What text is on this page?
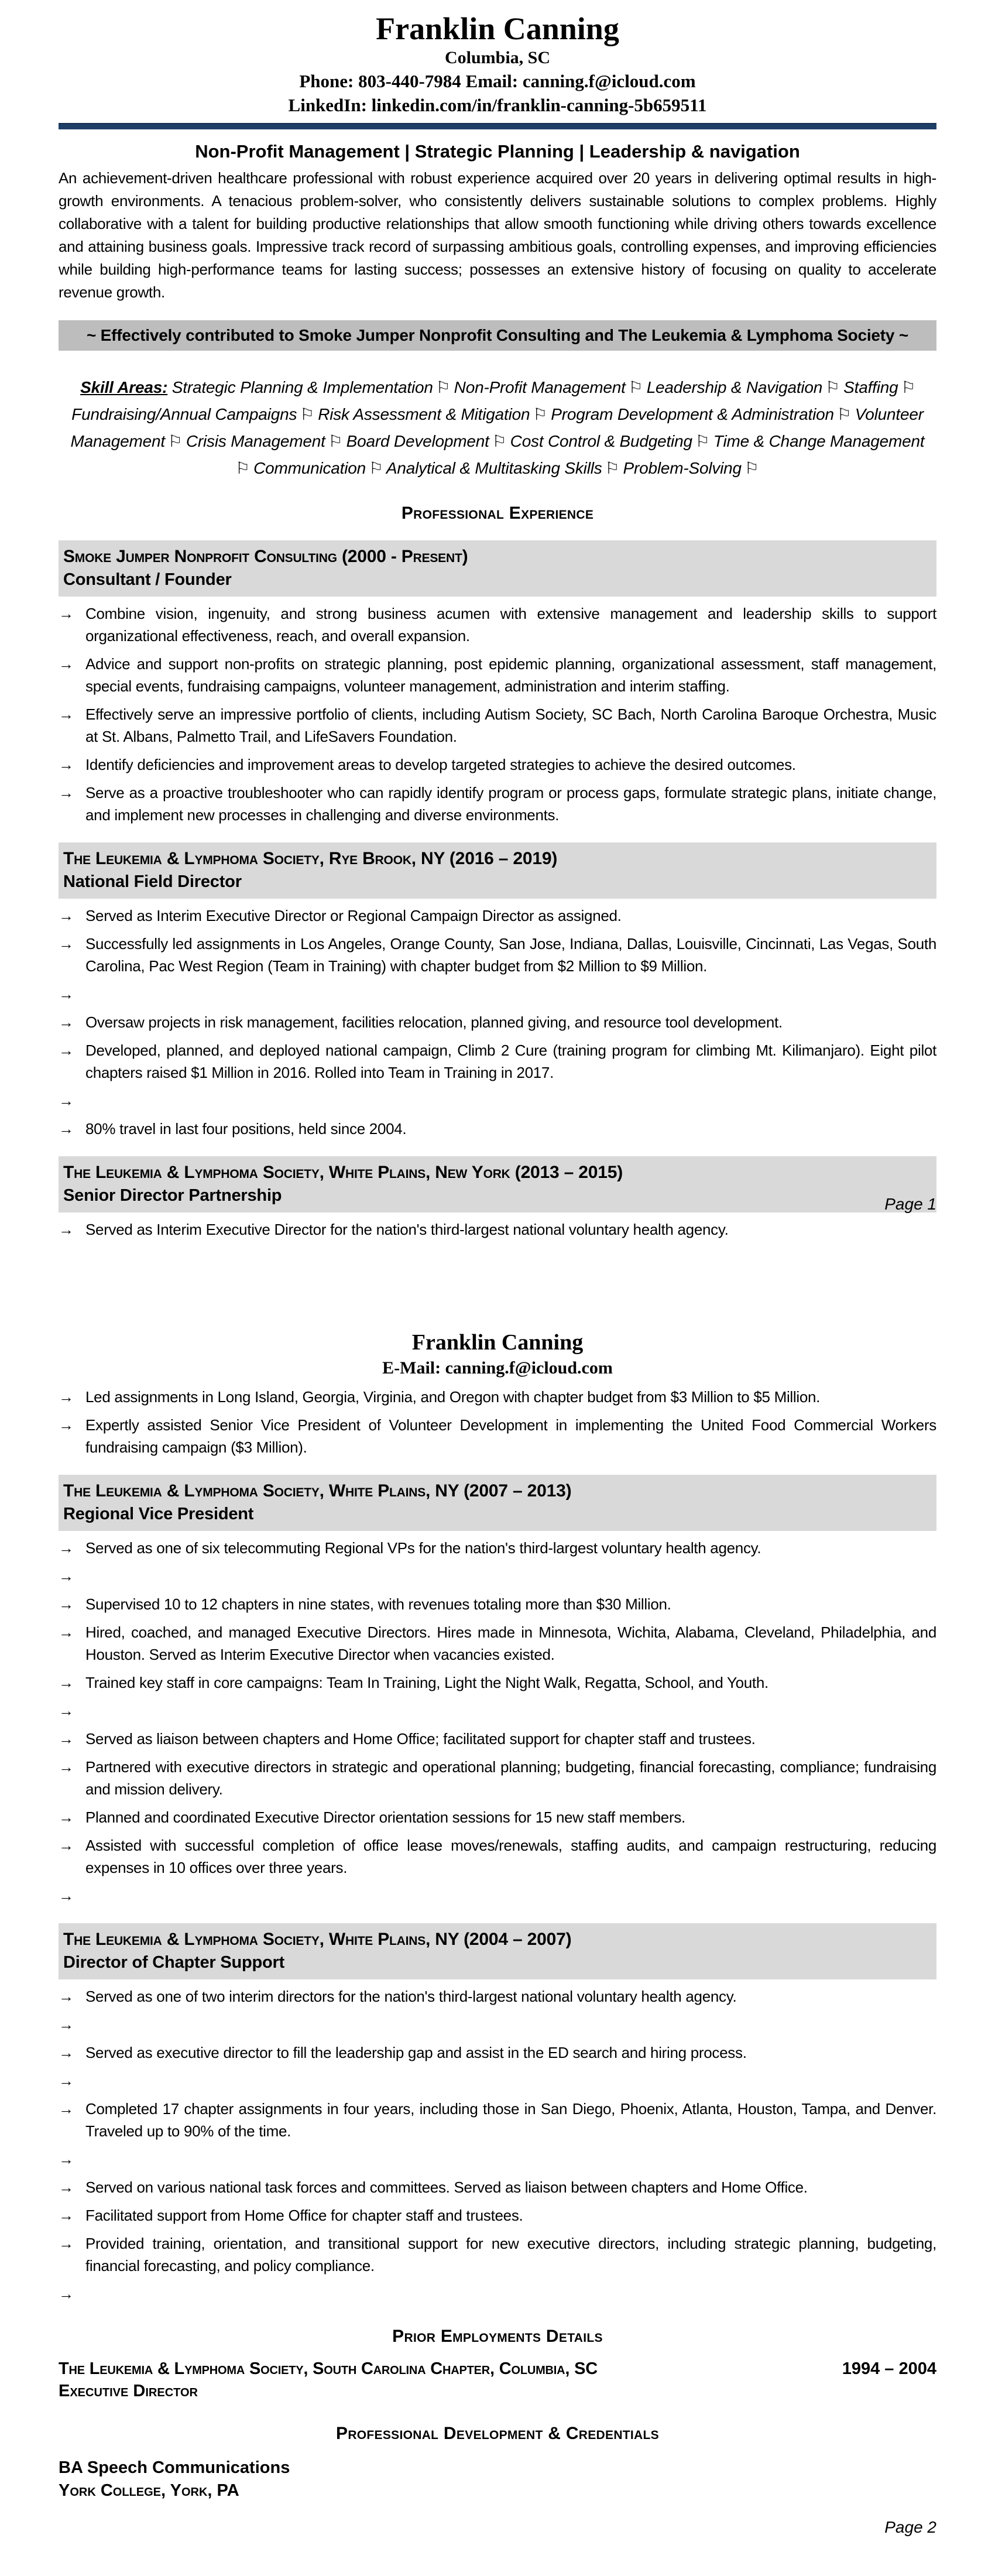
Franklin Canning
Columbia, SC
Phone: 803-440-7984 Email: canning.f@icloud.com
LinkedIn: linkedin.com/in/franklin-canning-5b659511
Non-Profit Management | Strategic Planning | Leadership & navigation

An achievement-driven healthcare professional with robust experience acquired over 20 years in delivering optimal results in high-growth environments. A tenacious problem-solver, who consistently delivers sustainable solutions to complex problems. Highly collaborative with a talent for building productive relationships that allow smooth functioning while driving others towards excellence and attaining business goals. Impressive track record of surpassing ambitious goals, controlling expenses, and improving efficiencies while building high-performance teams for lasting success; possesses an extensive history of focusing on quality to accelerate revenue growth.

~ Effectively contributed to Smoke Jumper Nonprofit Consulting and The Leukemia & Lymphoma Society ~

Skill Areas: Strategic Planning & Implementation ⚐ Non-Profit Management ⚐ Leadership & Navigation ⚐ Staffing ⚐ Fundraising/Annual Campaigns ⚐ Risk Assessment & Mitigation ⚐ Program Development & Administration ⚐ Volunteer Management ⚐ Crisis Management ⚐ Board Development ⚐ Cost Control & Budgeting ⚐ Time & Change Management ⚐ Communication ⚐ Analytical & Multitasking Skills ⚐ Problem-Solving ⚐

Professional Experience
Smoke Jumper Nonprofit Consulting (2000 - Present)
Consultant / Founder
→ Combine vision, ingenuity, and strong business acumen with extensive management and leadership skills to support organizational effectiveness, reach, and overall expansion.
→ Advice and support non-profits on strategic planning, post epidemic planning, organizational assessment, staff management, special events, fundraising campaigns, volunteer management, administration and interim staffing.
→ Effectively serve an impressive portfolio of clients, including Autism Society, SC Bach, North Carolina Baroque Orchestra, Music at St. Albans, Palmetto Trail, and LifeSavers Foundation.
→ Identify deficiencies and improvement areas to develop targeted strategies to achieve the desired outcomes.
→ Serve as a proactive troubleshooter who can rapidly identify program or process gaps, formulate strategic plans, initiate change, and implement new processes in challenging and diverse environments.
The Leukemia & Lymphoma Society, Rye Brook, NY (2016 – 2019)
National Field Director
→ Served as Interim Executive Director or Regional Campaign Director as assigned.
→ Successfully led assignments in Los Angeles, Orange County, San Jose, Indiana, Dallas, Louisville, Cincinnati, Las Vegas, South Carolina, Pac West Region (Team in Training) with chapter budget from $2 Million to $9 Million.
→
→ Oversaw projects in risk management, facilities relocation, planned giving, and resource tool development.
→ Developed, planned, and deployed national campaign, Climb 2 Cure (training program for climbing Mt. Kilimanjaro). Eight pilot chapters raised $1 Million in 2016. Rolled into Team in Training in 2017.
→
→ 80% travel in last four positions, held since 2004.
The Leukemia & Lymphoma Society, White Plains, New York (2013 – 2015)
Senior Director Partnership
→ Served as Interim Executive Director for the nation's third-largest national voluntary health agency.
Page 1
Franklin Canning
E-Mail: canning.f@icloud.com
→ Led assignments in Long Island, Georgia, Virginia, and Oregon with chapter budget from $3 Million to $5 Million.
→ Expertly assisted Senior Vice President of Volunteer Development in implementing the United Food Commercial Workers fundraising campaign ($3 Million).
The Leukemia & Lymphoma Society, White Plains, NY (2007 – 2013)
Regional Vice President
→ Served as one of six telecommuting Regional VPs for the nation's third-largest voluntary health agency.
→
→ Supervised 10 to 12 chapters in nine states, with revenues totaling more than $30 Million.
→ Hired, coached, and managed Executive Directors. Hires made in Minnesota, Wichita, Alabama, Cleveland, Philadelphia, and Houston. Served as Interim Executive Director when vacancies existed.
→ Trained key staff in core campaigns: Team In Training, Light the Night Walk, Regatta, School, and Youth.
→
→ Served as liaison between chapters and Home Office; facilitated support for chapter staff and trustees.
→ Partnered with executive directors in strategic and operational planning; budgeting, financial forecasting, compliance; fundraising and mission delivery.
→ Planned and coordinated Executive Director orientation sessions for 15 new staff members.
→ Assisted with successful completion of office lease moves/renewals, staffing audits, and campaign restructuring, reducing expenses in 10 offices over three years.
→
The Leukemia & Lymphoma Society, White Plains, NY (2004 – 2007)
Director of Chapter Support
→ Served as one of two interim directors for the nation's third-largest national voluntary health agency.
→
→ Served as executive director to fill the leadership gap and assist in the ED search and hiring process.
→
→ Completed 17 chapter assignments in four years, including those in San Diego, Phoenix, Atlanta, Houston, Tampa, and Denver. Traveled up to 90% of the time.
→
→ Served on various national task forces and committees. Served as liaison between chapters and Home Office.
→ Facilitated support from Home Office for chapter staff and trustees.
→ Provided training, orientation, and transitional support for new executive directors, including strategic planning, budgeting, financial forecasting, and policy compliance.
→
Prior Employments Details
The Leukemia & Lymphoma Society, South Carolina Chapter, Columbia, SC	1994 – 2004
Executive Director
Professional Development & Credentials
BA Speech Communications
York College, York, PA
Page 2
